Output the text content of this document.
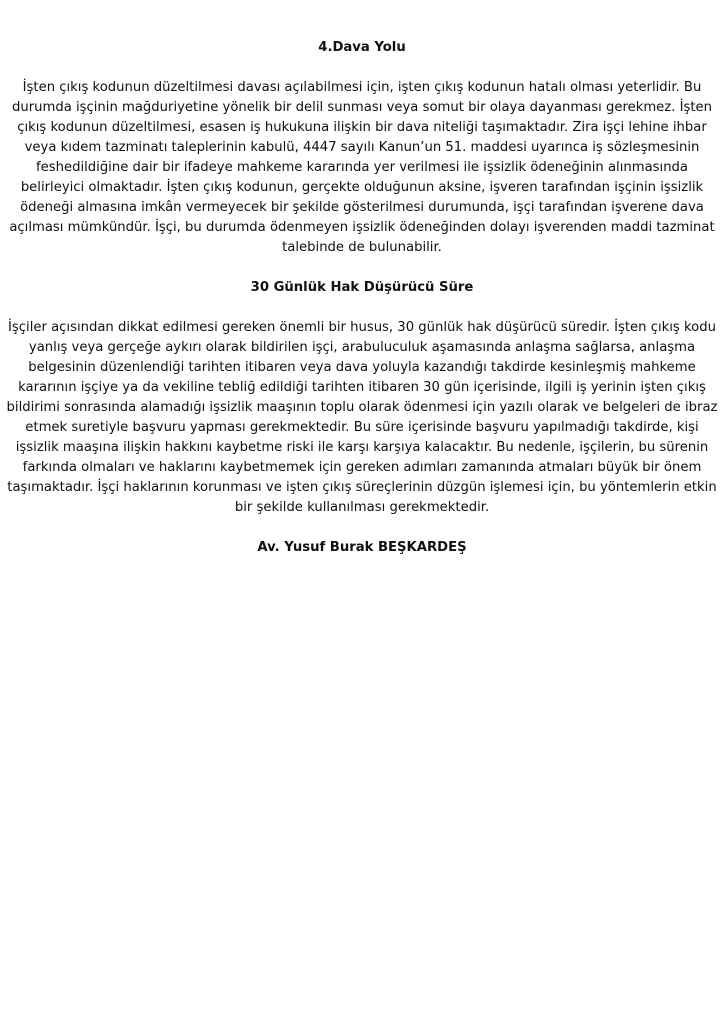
4.Dava Yolu

İşten çıkış kodunun düzeltilmesi davası açılabilmesi için, işten çıkış kodunun hatalı olması yeterlidir. Bu durumda işçinin mağduriyetine yönelik bir delil sunması veya somut bir olaya dayanması gerekmez. İşten çıkış kodunun düzeltilmesi, esasen iş hukukuna ilişkin bir dava niteliği taşımaktadır. Zira işçi lehine ihbar veya kıdem tazminatı taleplerinin kabulü, 4447 sayılı Kanun’un 51. maddesi uyarınca iş sözleşmesinin feshedildiğine dair bir ifadeye mahkeme kararında yer verilmesi ile işsizlik ödeneğinin alınmasında belirleyici olmaktadır. İşten çıkış kodunun, gerçekte olduğunun aksine, işveren tarafından işçinin işsizlik ödeneği almasına imkân vermeyecek bir şekilde gösterilmesi durumunda, işçi tarafından işverene dava açılması mümkündür. İşçi, bu durumda ödenmeyen işsizlik ödeneğinden dolayı işverenden maddi tazminat talebinde de bulunabilir.

30 Günlük Hak Düşürücü Süre

İşçiler açısından dikkat edilmesi gereken önemli bir husus, 30 günlük hak düşürücü süredir. İşten çıkış kodu yanlış veya gerçeğe aykırı olarak bildirilen işçi, arabuluculuk aşamasında anlaşma sağlarsa, anlaşma belgesinin düzenlendiği tarihten itibaren veya dava yoluyla kazandığı takdirde kesinleşmiş mahkeme kararının işçiye ya da vekiline tebliğ edildiği tarihten itibaren 30 gün içerisinde, ilgili iş yerinin işten çıkış bildirimi sonrasında alamadığı işsizlik maaşının toplu olarak ödenmesi için yazılı olarak ve belgeleri de ibraz etmek suretiyle başvuru yapması gerekmektedir. Bu süre içerisinde başvuru yapılmadığı takdirde, kişi işsizlik maaşına ilişkin hakkını kaybetme riski ile karşı karşıya kalacaktır. Bu nedenle, işçilerin, bu sürenin farkında olmaları ve haklarını kaybetmemek için gereken adımları zamanında atmaları büyük bir önem taşımaktadır. İşçi haklarının korunması ve işten çıkış süreçlerinin düzgün işlemesi için, bu yöntemlerin etkin bir şekilde kullanılması gerekmektedir.

Av. Yusuf Burak BEŞKARDEŞ
